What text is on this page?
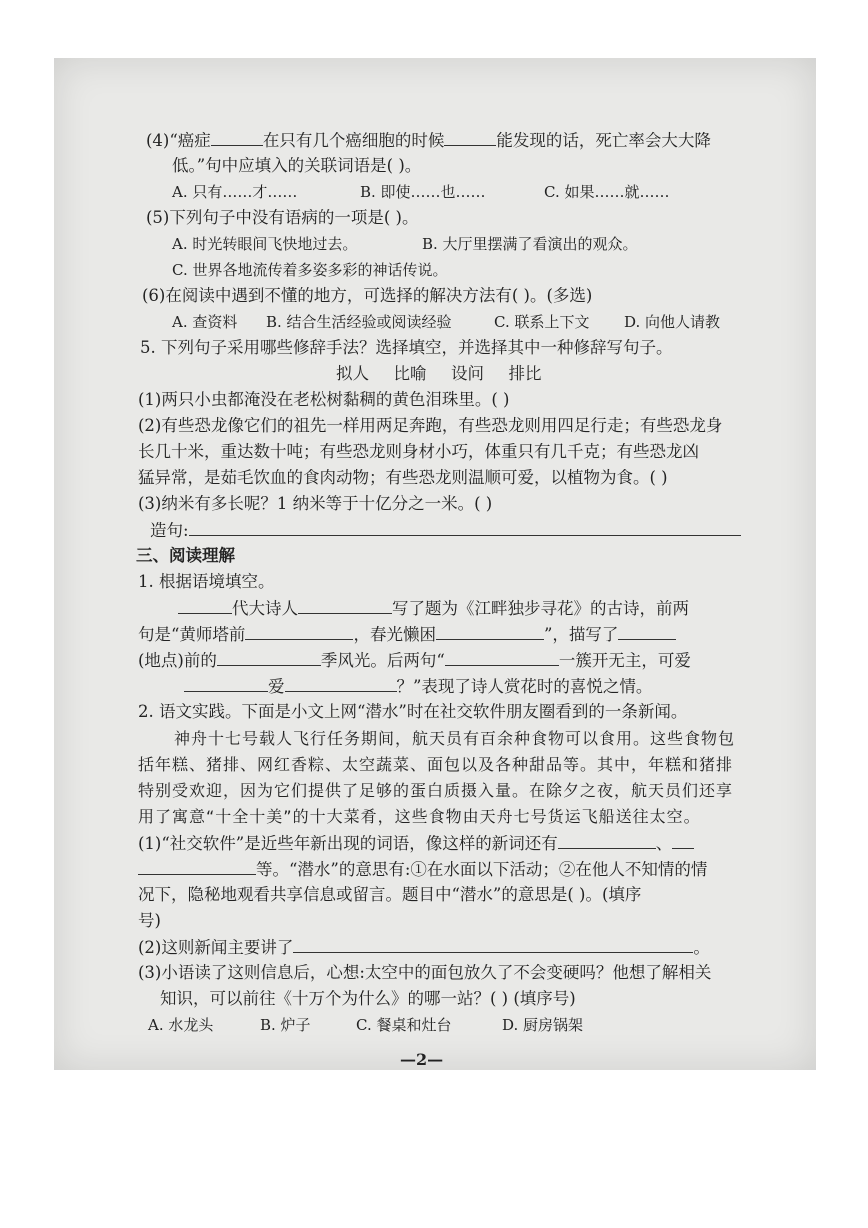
(4)“癌症	在只有几个癌细胞的时候	能发现的话，死亡率会大大降
低。”句中应填入的关联词语是( )。
A. 只有……才……	B. 即使……也……	C. 如果……就……
(5)下列句子中没有语病的一项是( )。
A. 时光转眼间飞快地过去。	B. 大厅里摆满了看演出的观众。
C. 世界各地流传着多姿多彩的神话传说。
(6)在阅读中遇到不懂的地方，可选择的解决方法有( )。(多选)
A. 查资料 B. 结合生活经验或阅读经验	C. 联系上下文 D. 向他人请教
5. 下列句子采用哪些修辞手法？选择填空，并选择其中一种修辞写句子。
拟人 比喻 设问 排比
(1)两只小虫都淹没在老松树黏稠的黄色泪珠里。( )
(2)有些恐龙像它们的祖先一样用两足奔跑，有些恐龙则用四足行走；有些恐龙身
长几十米，重达数十吨；有些恐龙则身材小巧，体重只有几千克；有些恐龙凶
猛异常，是茹毛饮血的食肉动物；有些恐龙则温顺可爱，以植物为食。( )
(3)纳米有多长呢？1 纳米等于十亿分之一米。( )
造句:
三、阅读理解
1. 根据语境填空。
代大诗人	写了题为《江畔独步寻花》的古诗，前两
句是“黄师塔前	，春光懒困	”，描写了
(地点)前的	季风光。后两句“	一簇开无主，可爱
爱	？”表现了诗人赏花时的喜悦之情。
2. 语文实践。下面是小文上网“潜水”时在社交软件朋友圈看到的一条新闻。
神舟十七号载人飞行任务期间，航天员有百余种食物可以食用。这些食物包
括年糕、猪排、网红香粽、太空蔬菜、面包以及各种甜品等。其中，年糕和猪排
特别受欢迎，因为它们提供了足够的蛋白质摄入量。在除夕之夜，航天员们还享
用了寓意“十全十美”的十大菜肴，这些食物由天舟七号货运飞船送往太空。
(1)“社交软件”是近些年新出现的词语，像这样的新词还有	、
等。“潜水”的意思有:①在水面以下活动；②在他人不知情的情
况下，隐秘地观看共享信息或留言。题目中“潜水”的意思是( )。(填序
号)
(2)这则新闻主要讲了	。
(3)小语读了这则信息后，心想:太空中的面包放久了不会变硬吗？他想了解相关
知识，可以前往《十万个为什么》的哪一站？( ) (填序号)
A. 水龙头	B. 炉子	C. 餐桌和灶台	D. 厨房锅架
—2—
